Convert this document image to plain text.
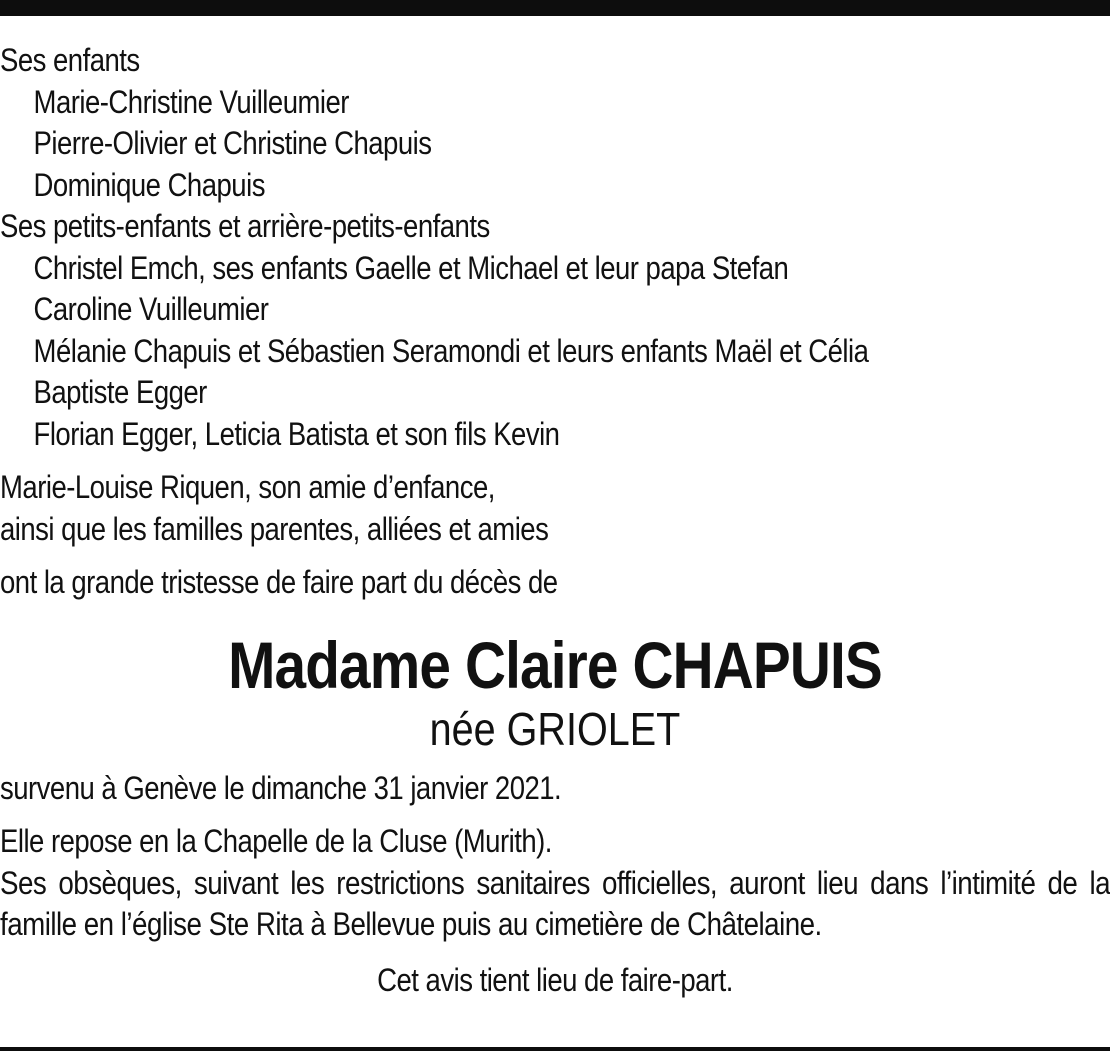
Ses enfants
Marie-Christine Vuilleumier
Pierre-Olivier et Christine Chapuis
Dominique Chapuis
Ses petits-enfants et arrière-petits-enfants
Christel Emch, ses enfants Gaelle et Michael et leur papa Stefan
Caroline Vuilleumier
Mélanie Chapuis et Sébastien Seramondi et leurs enfants Maël et Célia
Baptiste Egger
Florian Egger, Leticia Batista et son fils Kevin
Marie-Louise Riquen, son amie d’enfance,
ainsi que les familles parentes, alliées et amies
ont la grande tristesse de faire part du décès de
Madame Claire CHAPUIS
née GRIOLET
survenu à Genève le dimanche 31 janvier 2021.
Elle repose en la Chapelle de la Cluse (Murith).
Ses obsèques, suivant les restrictions sanitaires officielles, auront lieu dans l’intimité de la famille en l’église Ste Rita à Bellevue puis au cimetière de Châtelaine.
Cet avis tient lieu de faire-part.
